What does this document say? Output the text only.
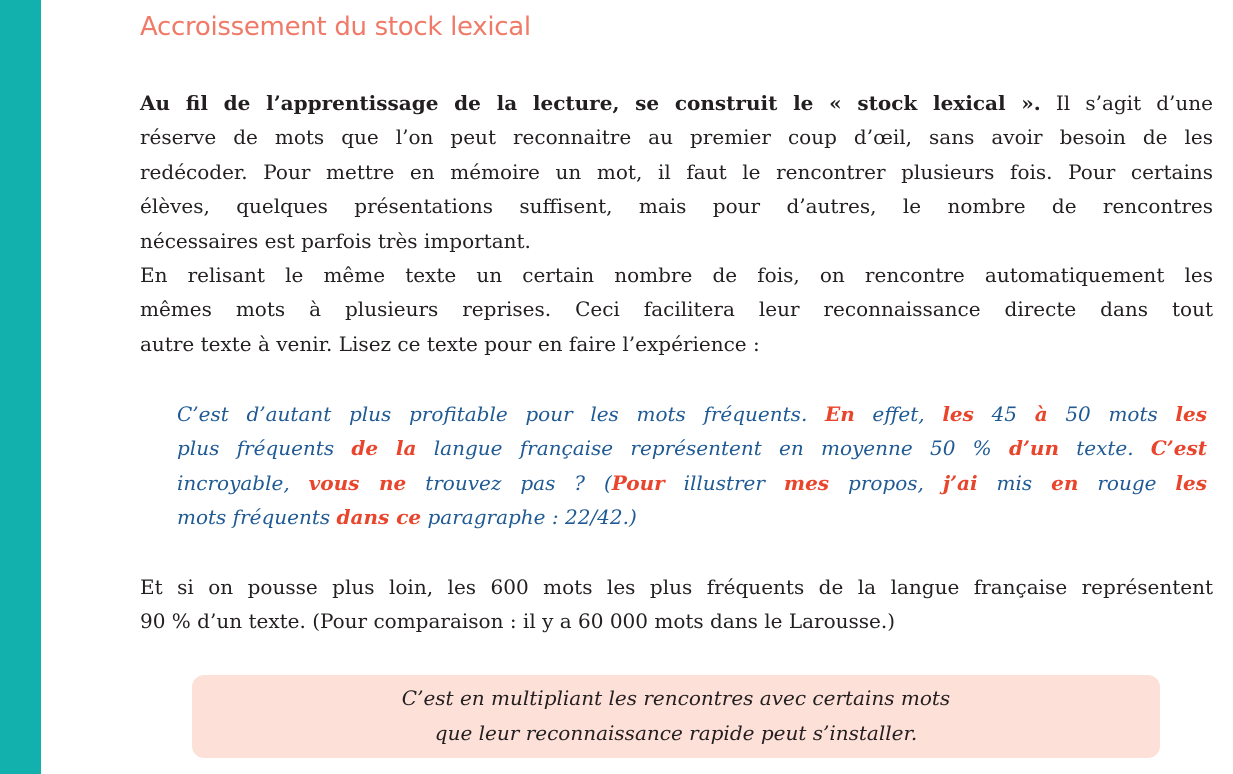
Accroissement du stock lexical
Au fil de l’apprentissage de la lecture, se construit le « stock lexical ». Il s’agit d’une
réserve de mots que l’on peut reconnaitre au premier coup d’œil, sans avoir besoin de les
redécoder. Pour mettre en mémoire un mot, il faut le rencontrer plusieurs fois. Pour certains
élèves, quelques présentations suffisent, mais pour d’autres, le nombre de rencontres
nécessaires est parfois très important.
En relisant le même texte un certain nombre de fois, on rencontre automatiquement les
mêmes mots à plusieurs reprises. Ceci facilitera leur reconnaissance directe dans tout
autre texte à venir. Lisez ce texte pour en faire l’expérience :
C’est d’autant plus profitable pour les mots fréquents. En effet, les 45 à 50 mots les
plus fréquents de la langue française représentent en moyenne 50 % d’un texte. C’est
incroyable, vous ne trouvez pas ? (Pour illustrer mes propos, j’ai mis en rouge les
mots fréquents dans ce paragraphe : 22/42.)
Et si on pousse plus loin, les 600 mots les plus fréquents de la langue française représentent
90 % d’un texte. (Pour comparaison : il y a 60 000 mots dans le Larousse.)
C’est en multipliant les rencontres avec certains mots
que leur reconnaissance rapide peut s’installer.
